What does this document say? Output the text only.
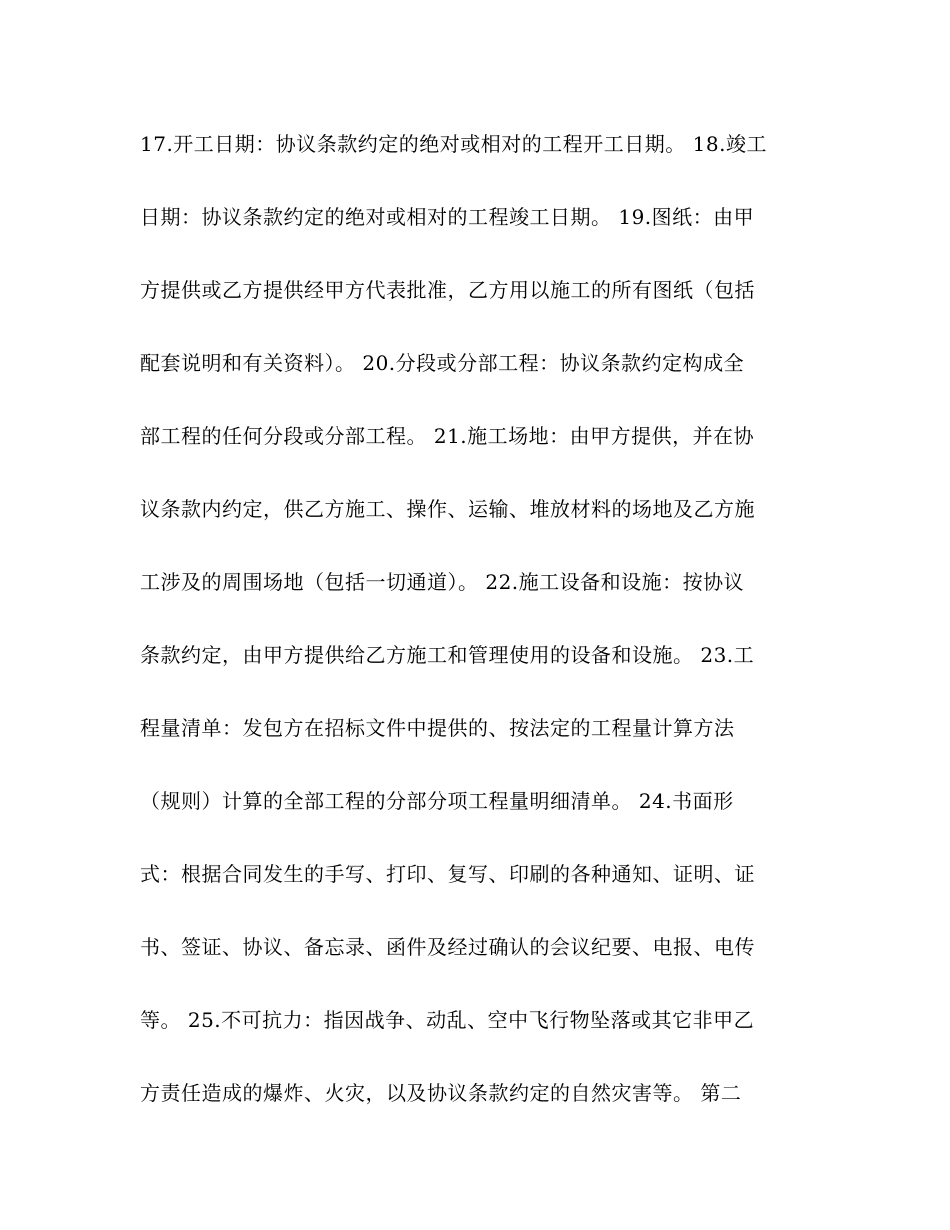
17.开工日期：协议条款约定的绝对或相对的工程开工日期。 18.竣工
日期：协议条款约定的绝对或相对的工程竣工日期。 19.图纸：由甲
方提供或乙方提供经甲方代表批准，乙方用以施工的所有图纸（包括
配套说明和有关资料）。 20.分段或分部工程：协议条款约定构成全
部工程的任何分段或分部工程。 21.施工场地：由甲方提供，并在协
议条款内约定，供乙方施工、操作、运输、堆放材料的场地及乙方施
工涉及的周围场地（包括一切通道）。 22.施工设备和设施：按协议
条款约定，由甲方提供给乙方施工和管理使用的设备和设施。 23.工
程量清单：发包方在招标文件中提供的、按法定的工程量计算方法
（规则）计算的全部工程的分部分项工程量明细清单。 24.书面形
式：根据合同发生的手写、打印、复写、印刷的各种通知、证明、证
书、签证、协议、备忘录、函件及经过确认的会议纪要、电报、电传
等。 25.不可抗力：指因战争、动乱、空中飞行物坠落或其它非甲乙
方责任造成的爆炸、火灾，以及协议条款约定的自然灾害等。 第二
